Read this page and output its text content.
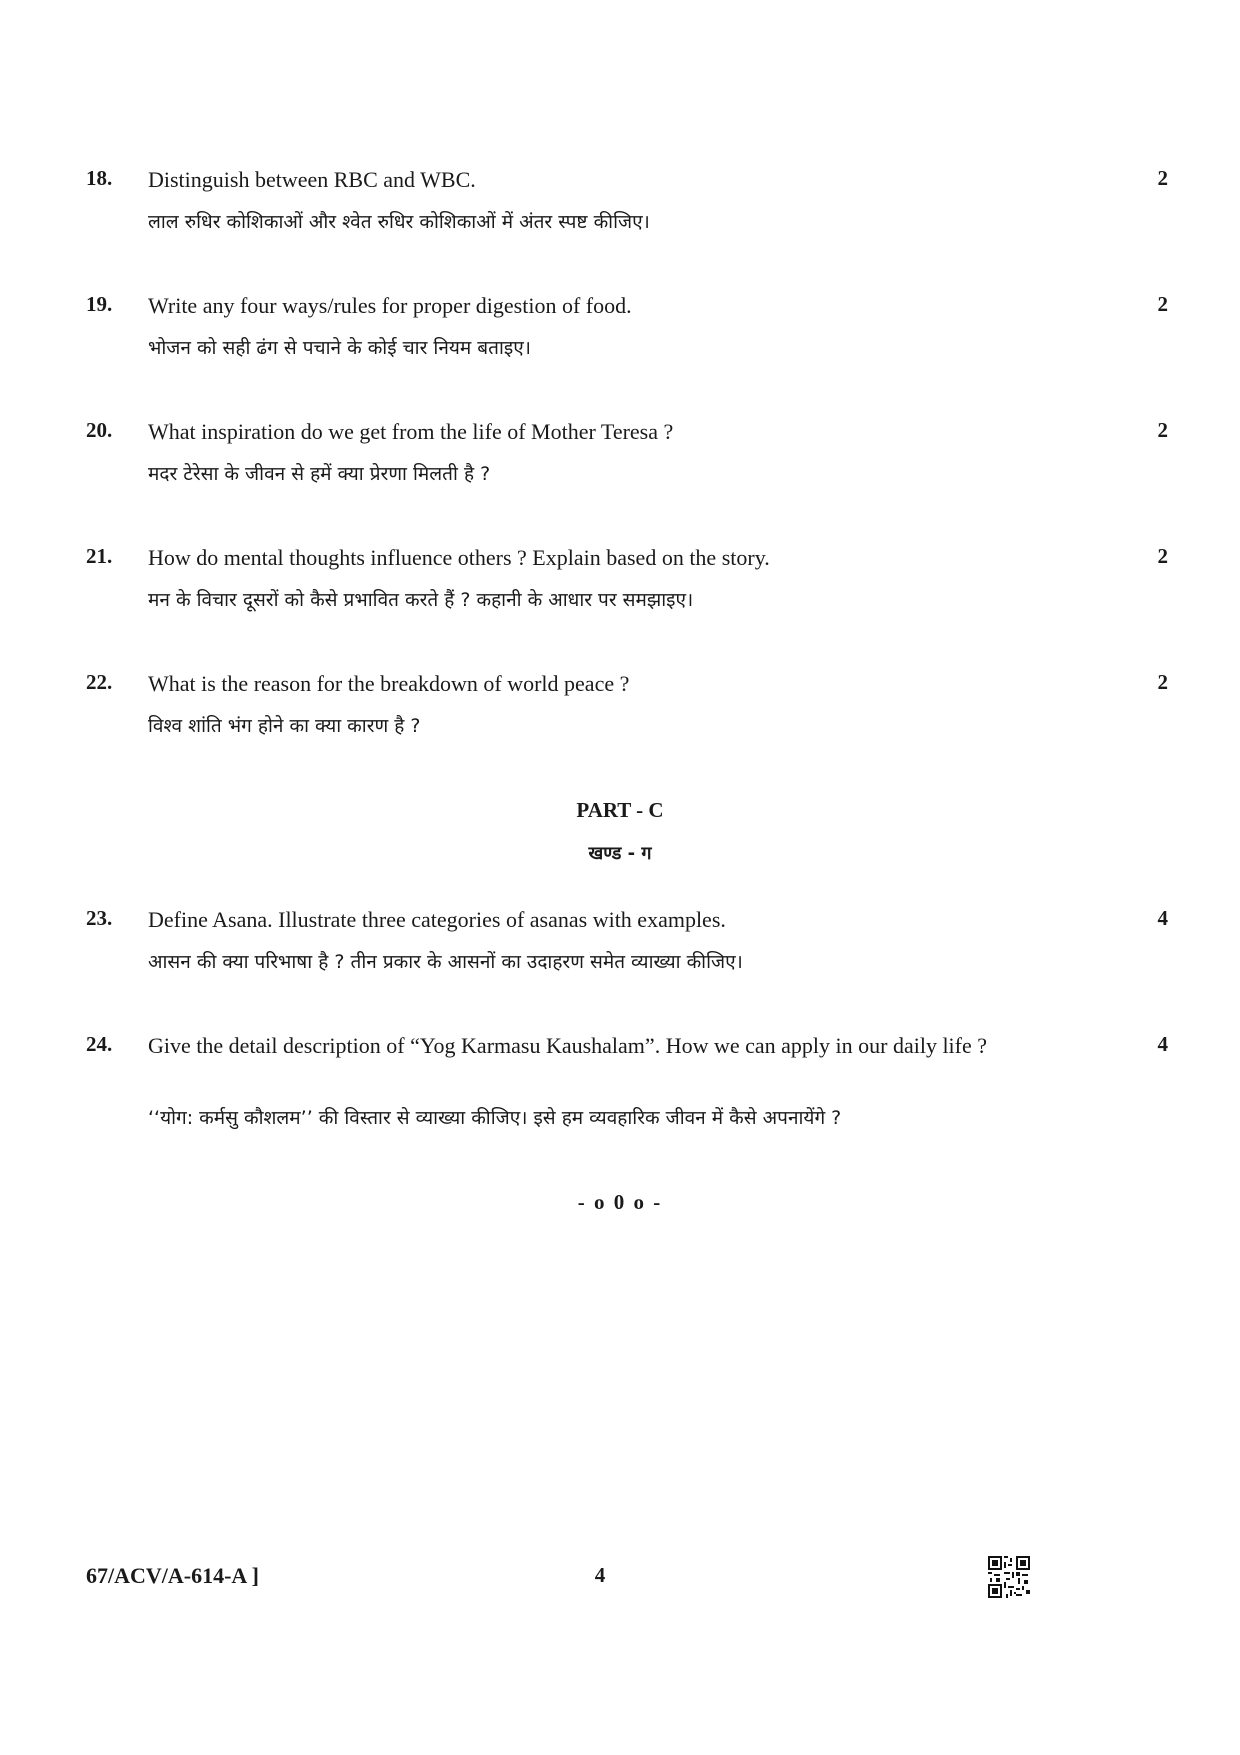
18. Distinguish between RBC and WBC.
लाल रुधिर कोशिकाओं और श्वेत रुधिर कोशिकाओं में अंतर स्पष्ट कीजिए।
2
19. Write any four ways/rules for proper digestion of food.
भोजन को सही ढंग से पचाने के कोई चार नियम बताइए।
2
20. What inspiration do we get from the life of Mother Teresa ?
मदर टेरेसा के जीवन से हमें क्या प्रेरणा मिलती है ?
2
21. How do mental thoughts influence others ? Explain based on the story.
मन के विचार दूसरों को कैसे प्रभावित करते हैं ? कहानी के आधार पर समझाइए।
2
22. What is the reason for the breakdown of world peace ?
विश्व शांति भंग होने का क्या कारण है ?
2
PART - C
खण्ड - ग
23. Define Asana. Illustrate three categories of asanas with examples.
आसन की क्या परिभाषा है ? तीन प्रकार के आसनों का उदाहरण समेत व्याख्या कीजिए।
4
24. Give the detail description of “Yog Karmasu Kaushalam”. How we can apply in our daily life ?
‘‘योग: कर्मसु कौशलम’’ की विस्तार से व्याख्या कीजिए। इसे हम व्यवहारिक जीवन में कैसे अपनायेंगे ?
4
- o 0 o -
67/ACV/A-614-A ]	4
